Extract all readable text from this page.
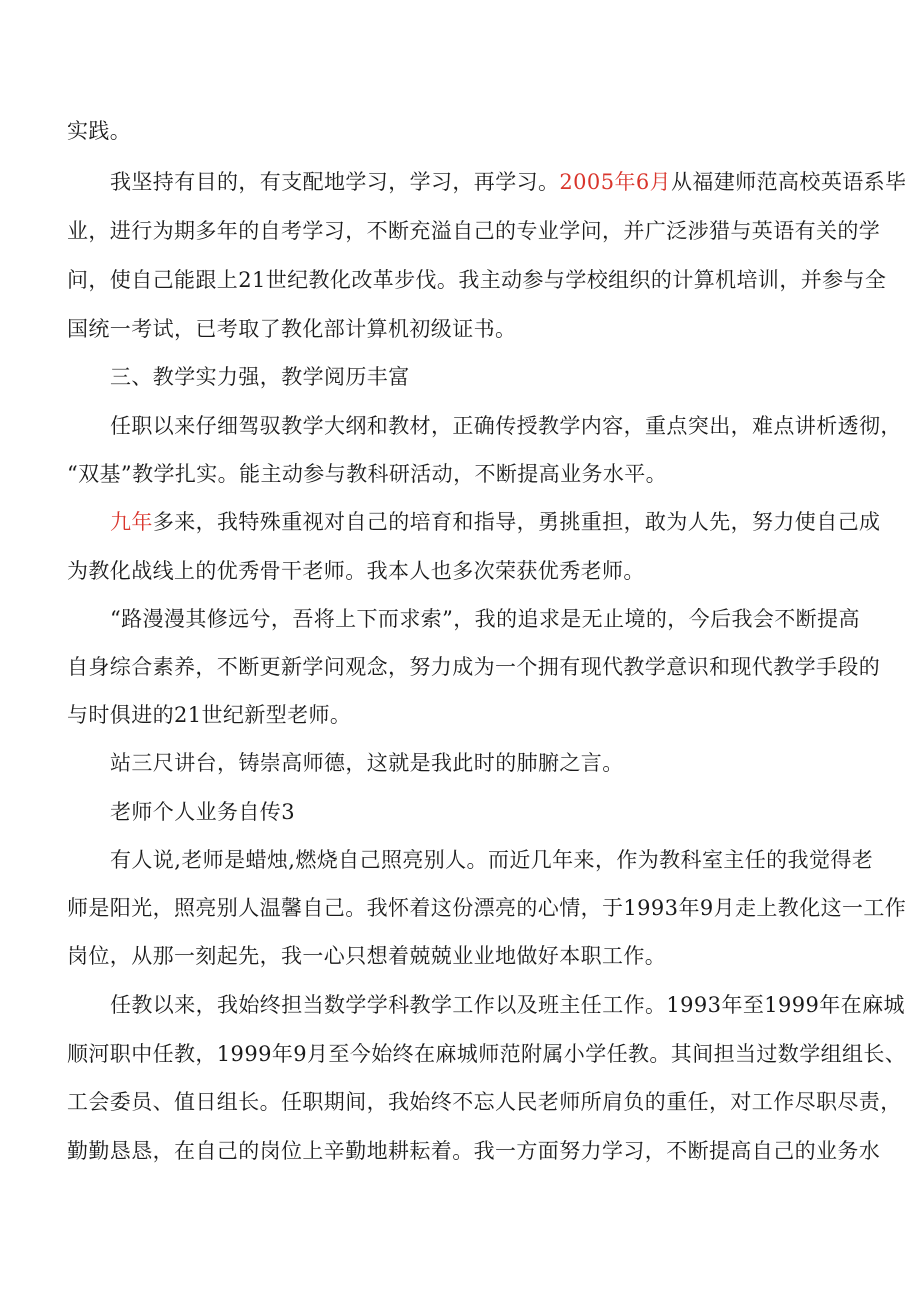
实践。
我坚持有目的，有支配地学习，学习，再学习。2005年6月从福建师范高校英语系毕
业，进行为期多年的自考学习，不断充溢自己的专业学问，并广泛涉猎与英语有关的学
问，使自己能跟上21世纪教化改革步伐。我主动参与学校组织的计算机培训，并参与全
国统一考试，已考取了教化部计算机初级证书。
三、教学实力强，教学阅历丰富
任职以来仔细驾驭教学大纲和教材，正确传授教学内容，重点突出，难点讲析透彻，
“双基”教学扎实。能主动参与教科研活动，不断提高业务水平。
九年多来，我特殊重视对自己的培育和指导，勇挑重担，敢为人先，努力使自己成
为教化战线上的优秀骨干老师。我本人也多次荣获优秀老师。
“路漫漫其修远兮，吾将上下而求索”，我的追求是无止境的，今后我会不断提高
自身综合素养，不断更新学问观念，努力成为一个拥有现代教学意识和现代教学手段的
与时俱进的21世纪新型老师。
站三尺讲台，铸崇高师德，这就是我此时的肺腑之言。
老师个人业务自传3
有人说,老师是蜡烛,燃烧自己照亮别人。而近几年来，作为教科室主任的我觉得老
师是阳光，照亮别人温馨自己。我怀着这份漂亮的心情，于1993年9月走上教化这一工作
岗位，从那一刻起先，我一心只想着兢兢业业地做好本职工作。
任教以来，我始终担当数学学科教学工作以及班主任工作。1993年至1999年在麻城
顺河职中任教，1999年9月至今始终在麻城师范附属小学任教。其间担当过数学组组长、
工会委员、值日组长。任职期间，我始终不忘人民老师所肩负的重任，对工作尽职尽责，
勤勤恳恳，在自己的岗位上辛勤地耕耘着。我一方面努力学习，不断提高自己的业务水
